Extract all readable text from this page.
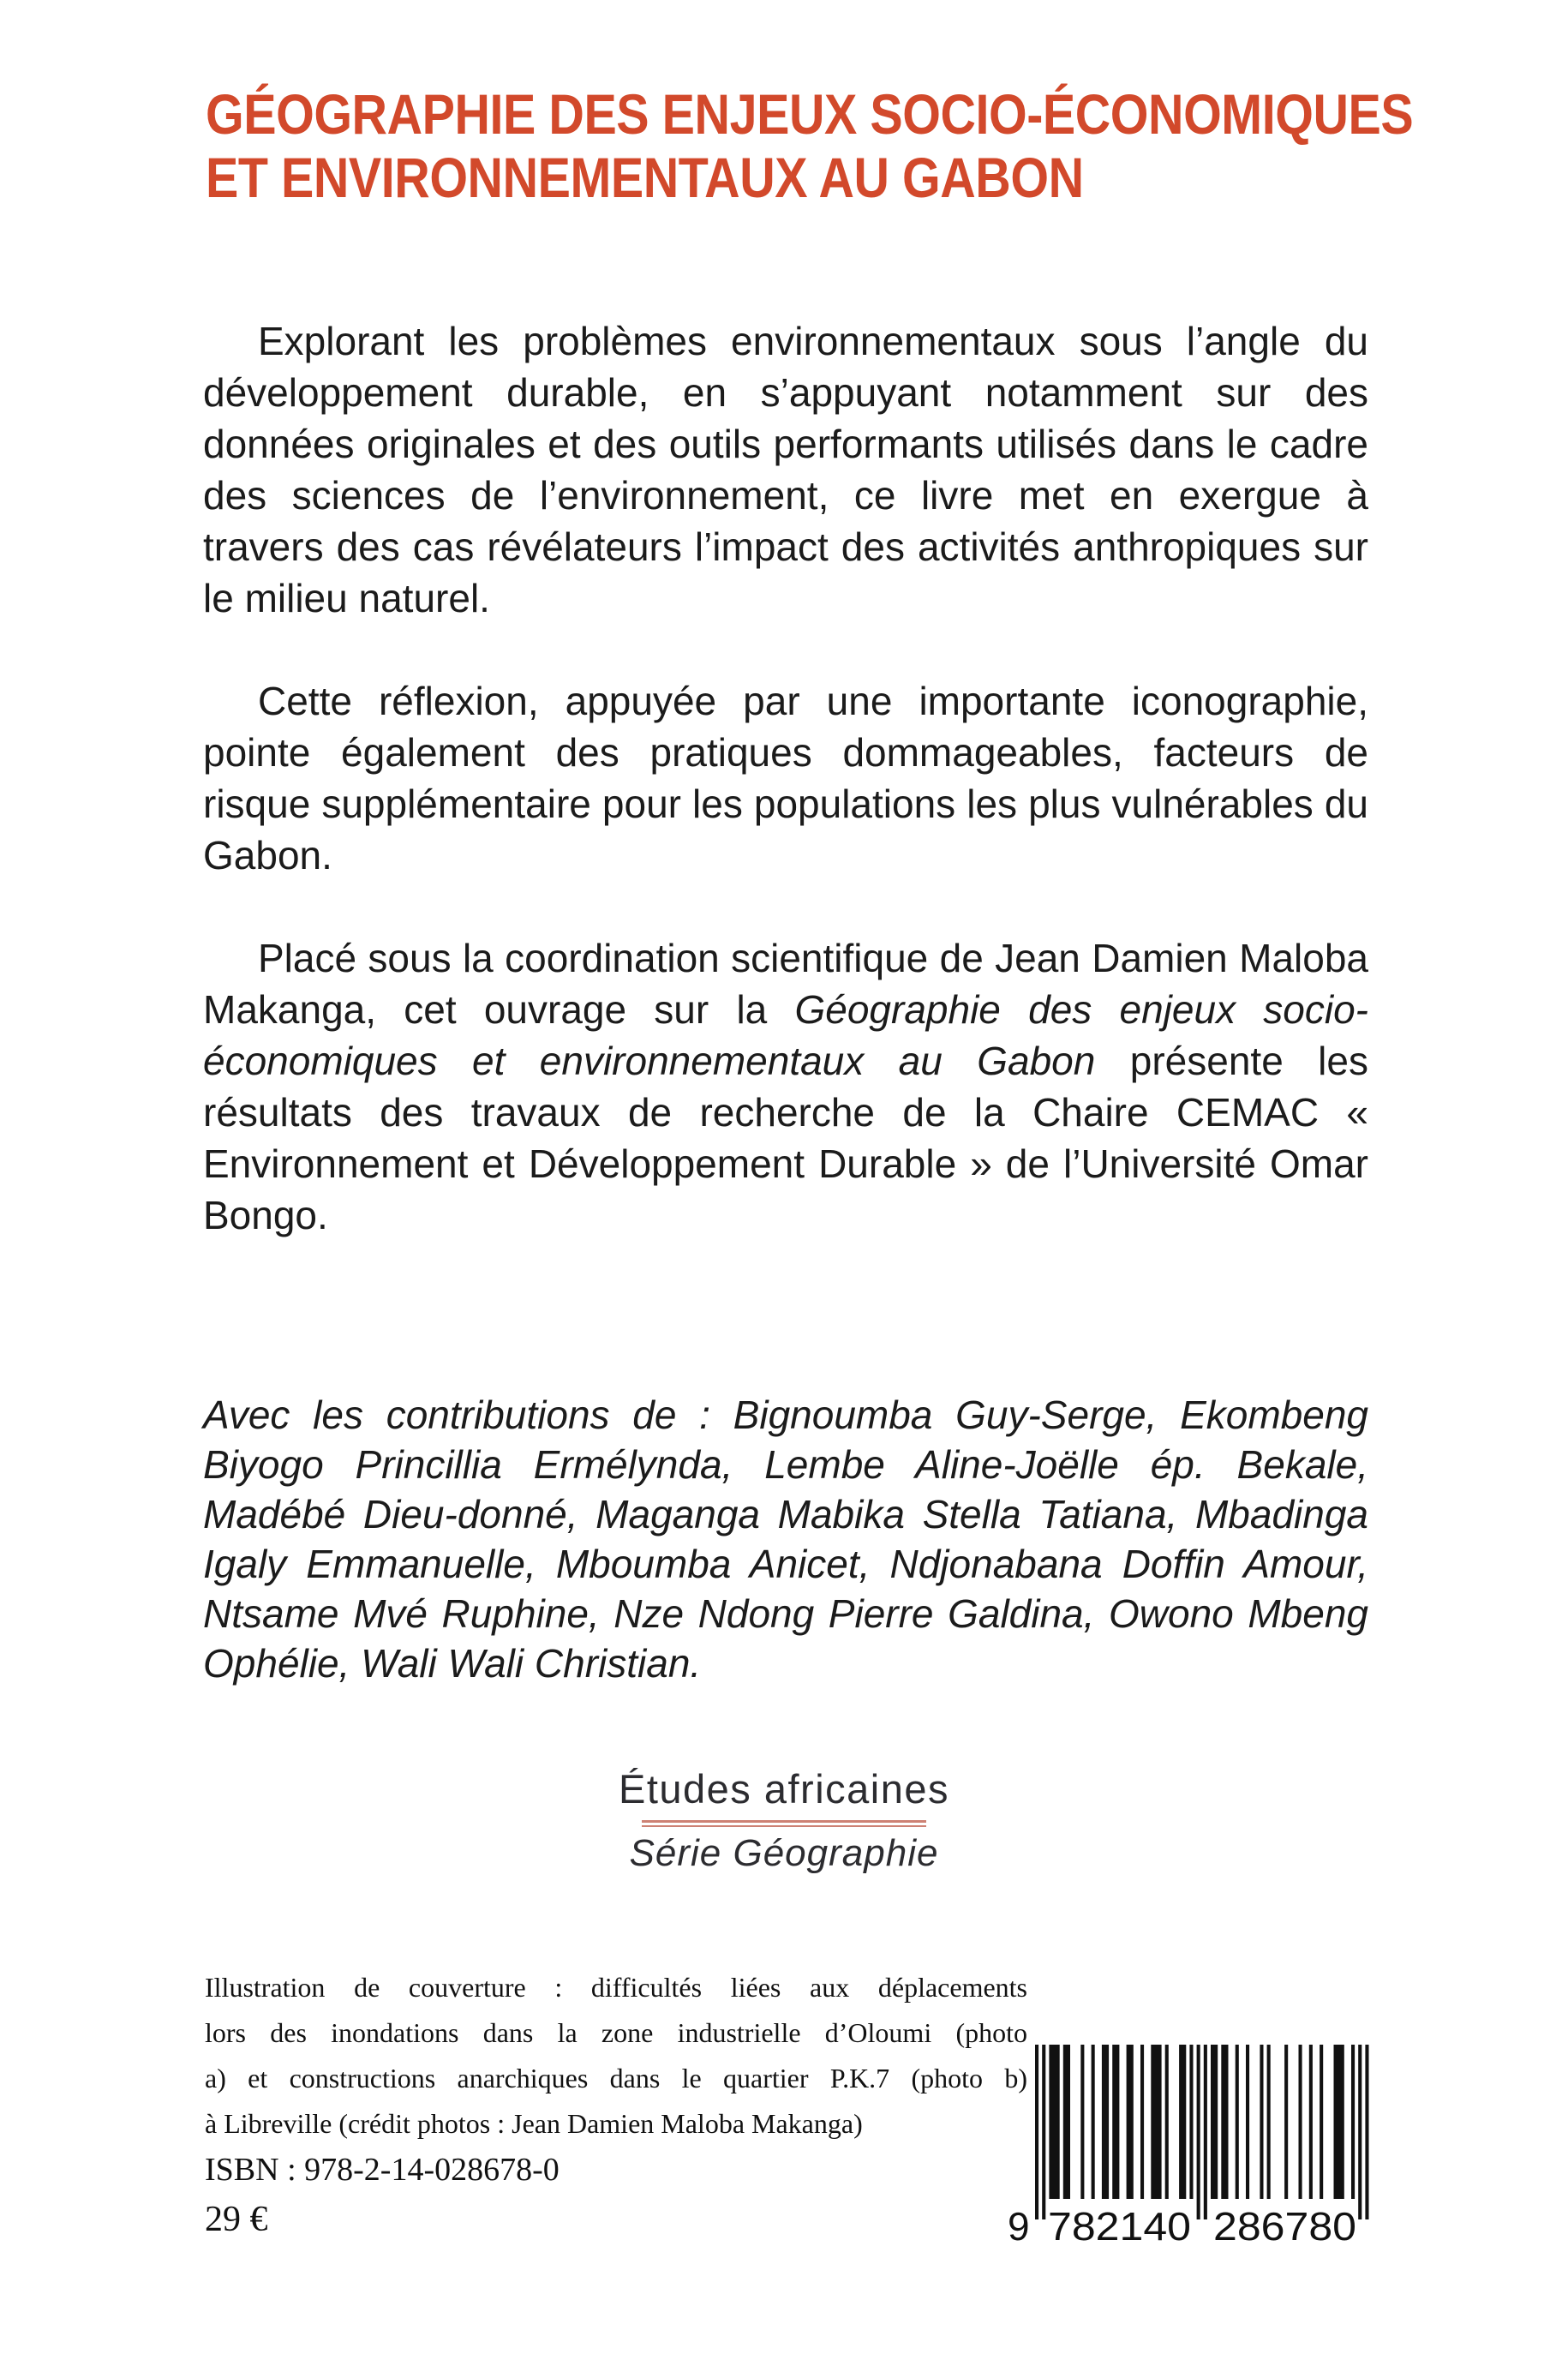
GÉOGRAPHIE DES ENJEUX SOCIO-ÉCONOMIQUES
ET ENVIRONNEMENTAUX AU GABON

Explorant les problèmes environnementaux sous l’angle du développement durable, en s’appuyant notamment sur des données originales et des outils performants utilisés dans le cadre des sciences de l’environnement, ce livre met en exergue à travers des cas révélateurs l’impact des activités anthropiques sur le milieu naturel.

Cette réflexion, appuyée par une importante iconographie, pointe également des pratiques dommageables, facteurs de risque supplémentaire pour les populations les plus vulnérables du Gabon.

Placé sous la coordination scientifique de Jean Damien Maloba Makanga, cet ouvrage sur la Géographie des enjeux socio-économiques et environnementaux au Gabon présente les résultats des travaux de recherche de la Chaire CEMAC « Environnement et Développement Durable » de l’Université Omar Bongo.

Avec les contributions de : Bignoumba Guy-Serge, Ekombeng Biyogo Princillia Ermélynda, Lembe Aline-Joëlle ép. Bekale, Madébé Dieu-donné, Maganga Mabika Stella Tatiana, Mbadinga Igaly Emmanuelle, Mboumba Anicet, Ndjonabana Doffin Amour, Ntsame Mvé Ruphine, Nze Ndong Pierre Galdina, Owono Mbeng Ophélie, Wali Wali Christian.

Études africaines
Série Géographie
Illustration de couverture : difficultés liées aux déplacements
lors des inondations dans la zone industrielle d’Oloumi (photo
a) et constructions anarchiques dans le quartier P.K.7 (photo b)
à Libreville (crédit photos : Jean Damien Maloba Makanga)

ISBN : 978-2-14-028678-0

29 €	9 782140 286780
